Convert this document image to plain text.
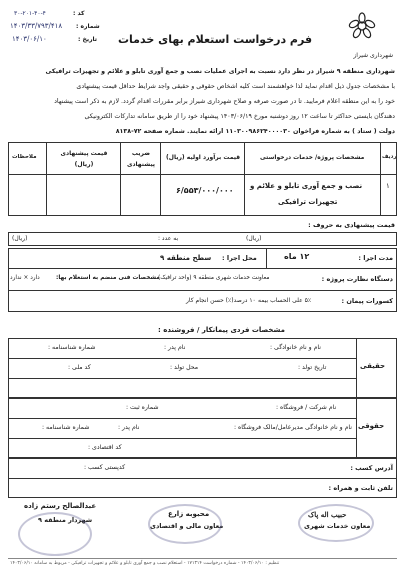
شهرداری شیراز
فرم درخواست استعلام بهای خدمات
کد :
۳۰-۲۰۱-۴۰-۴
شماره :
۱۴۰۳/۳۳/۷۹۳/۴۱۸
تاریخ :
۱۴۰۳/۰۶/۱۰
شهرداری منطقه ۹ شیراز در نظر دارد نسبت به اجرای عملیات نصب و جمع آوری تابلو و علائم و تجهیزات ترافیکی
با مشخصات جدول ذیل اقدام نماید لذا خواهشمند است کلیه اشخاص حقوقی و حقیقی واجد شرایط حداقل قیمت پیشنهادی
خود را به این منطقه اعلام فرمایید. تا در صورت صرفه و صلاح شهرداری شیراز برابر مقررات اقدام گردد. لازم به ذکر است پیشنهاد
دهندگان بایستی حداکثر تا ساعت ۱۲ روز دوشنبه مورخ ۱۴۰۳/۰۶/۱۹ پیشنهاد خود را از طریق سامانه تدارکات الکترونیکی
دولت ( ستاد ) به شماره فراخوان ۱۱۰۳۰۰۹۸۶۲۴۰۰۰۰۳۰ ارائه نمایند. شماره صفحه ۷۲-۸۱۳۸
ردیف
مشخصات پروژه/ خدمات درخواستی
قیمت برآورد اولیه (ریال)
ضریب پیشنهادی
قیمت پیشنهادی (ریال)
ملاحظات
۱
نصب و جمع آوری تابلو و علائم و
تجهیزات ترافیکی
۶/۵۵۳/۰۰۰/۰۰۰
قیمت پیشنهادی به حروف :
(ریال)
به عدد :
(ریال)
مدت اجرا :
۱۲ ماه
محل اجرا :
سطح منطقه ۹
دستگاه نظارت پروژه :
معاونت خدمات شهری منطقه ۹ (واحد ترافیک)
مشخصات فنی منضم به استعلام بها:
دارد × ندارد
کسورات پیمان :
۵٪ علی الحساب بیمه
۱۰ درصد(٪) حسن انجام کار
مشخصات فردی پیمانکار / فروشنده :
حقیقی
نام و نام خانوادگی :
نام پدر :
شماره شناسنامه :
تاریخ تولد :
محل تولد :
کد ملی :
حقوقی
نام شرکت / فروشگاه :
شماره ثبت :
نام و نام خانوادگی مدیرعامل/مالک فروشگاه :
نام پدر :
شماره شناسنامه :
کد اقتصادی :
آدرس کسب :
کدپستی کسب :
تلفن ثابت و همراه :
حبیب اله پاک
معاون خدمات شهری
محبوبه زارع
معاون مالی و اقتصادی
عبدالصالح رستم زاده
شهردار منطقه ۹
تنظیم : ۱۴۰۳/۰۶/۱۰ - شماره درخواست ۱۷۱۳۱۴ - استعلام نصب و جمع آوری تابلو و علائم و تجهیزات ترافیکی - مربوط به سامانه ۱۴۰۳/۰۶/۱۰
